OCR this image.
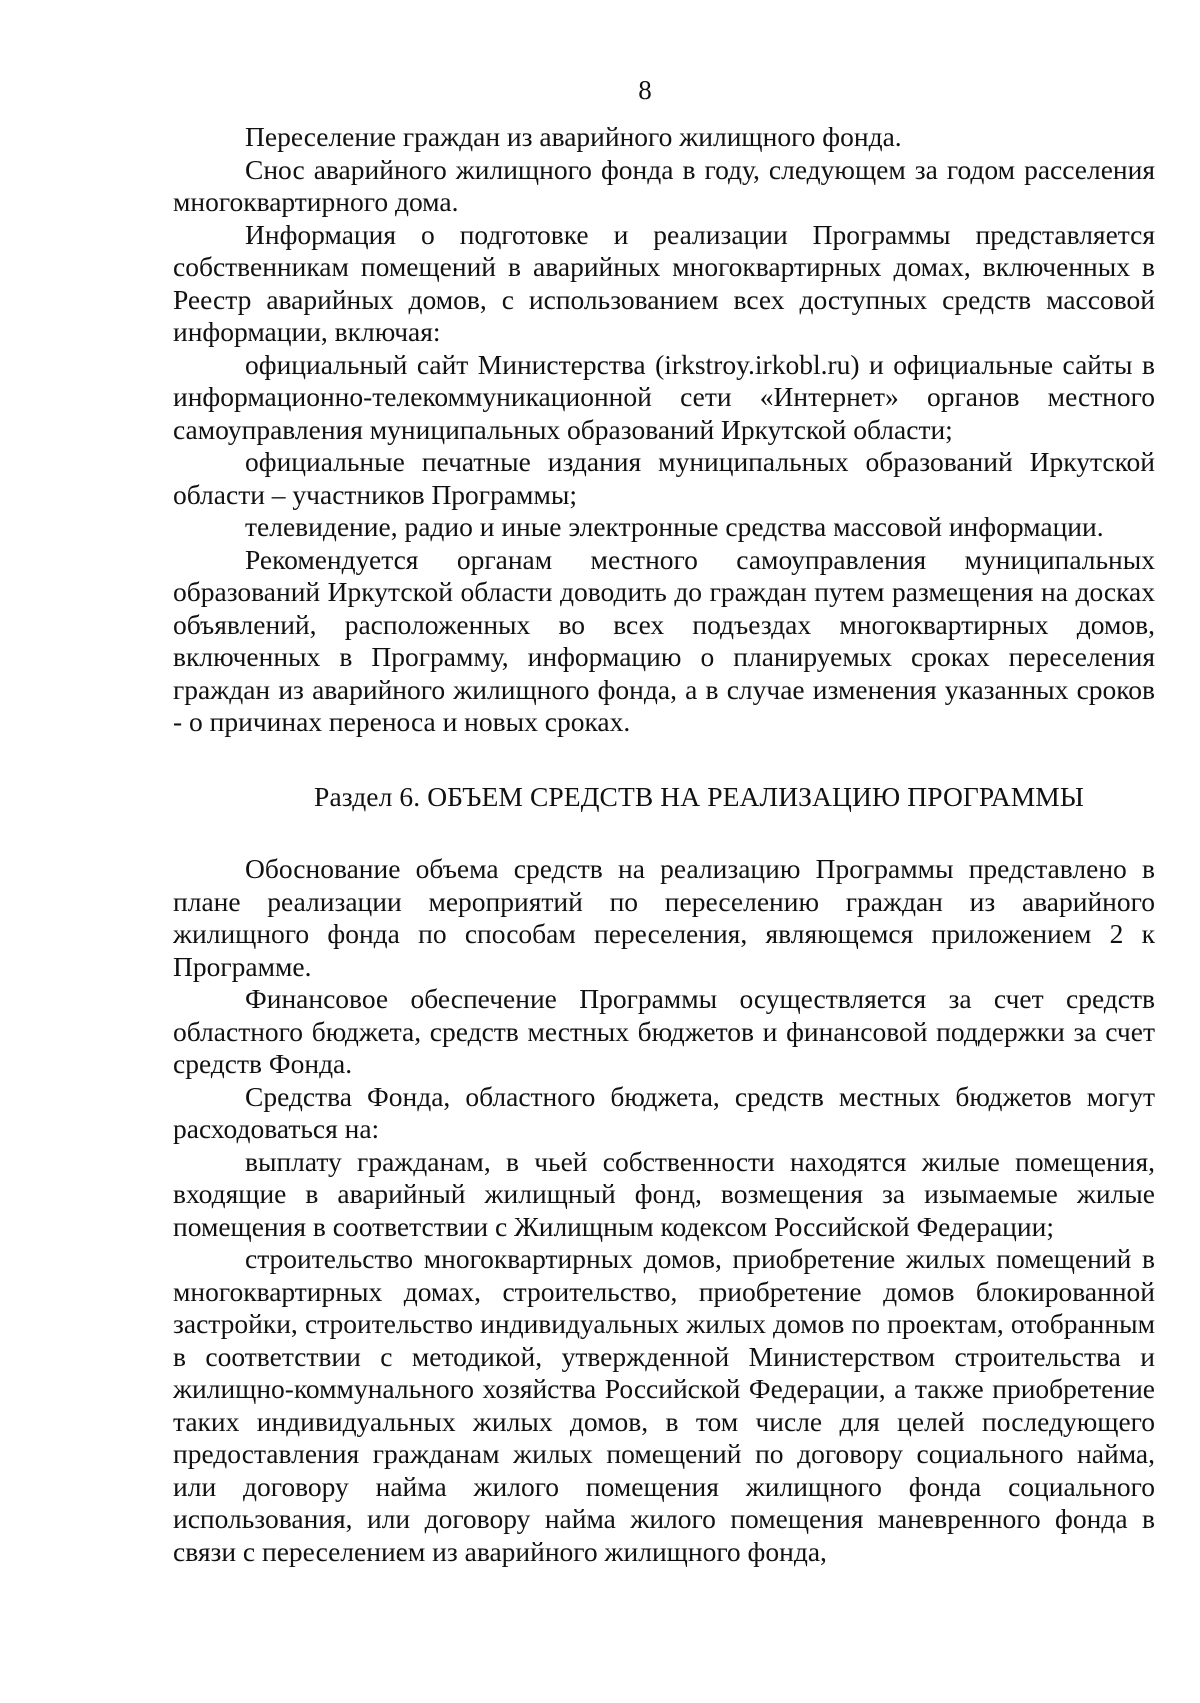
8

Переселение граждан из аварийного жилищного фонда.

Снос аварийного жилищного фонда в году, следующем за годом расселения многоквартирного дома.

Информация о подготовке и реализации Программы представляется собственникам помещений в аварийных многоквартирных домах, включенных в Реестр аварийных домов, с использованием всех доступных средств массовой информации, включая:

официальный сайт Министерства (irkstroy.irkobl.ru) и официальные сайты в информационно-телекоммуникационной сети «Интернет» органов местного самоуправления муниципальных образований Иркутской области;

официальные печатные издания муниципальных образований Иркутской области – участников Программы;

телевидение, радио и иные электронные средства массовой информации.

Рекомендуется органам местного самоуправления муниципальных образований Иркутской области доводить до граждан путем размещения на досках объявлений, расположенных во всех подъездах многоквартирных домов, включенных в Программу, информацию о планируемых сроках переселения граждан из аварийного жилищного фонда, а в случае изменения указанных сроков - о причинах переноса и новых сроках.

Раздел 6. ОБЪЕМ СРЕДСТВ НА РЕАЛИЗАЦИЮ ПРОГРАММЫ

Обоснование объема средств на реализацию Программы представлено в плане реализации мероприятий по переселению граждан из аварийного жилищного фонда по способам переселения, являющемся приложением 2 к Программе.

Финансовое обеспечение Программы осуществляется за счет средств областного бюджета, средств местных бюджетов и финансовой поддержки за счет средств Фонда.

Средства Фонда, областного бюджета, средств местных бюджетов могут расходоваться на:

выплату гражданам, в чьей собственности находятся жилые помещения, входящие в аварийный жилищный фонд, возмещения за изымаемые жилые помещения в соответствии с Жилищным кодексом Российской Федерации;

строительство многоквартирных домов, приобретение жилых помещений в многоквартирных домах, строительство, приобретение домов блокированной застройки, строительство индивидуальных жилых домов по проектам, отобранным в соответствии с методикой, утвержденной Министерством строительства и жилищно-коммунального хозяйства Российской Федерации, а также приобретение таких индивидуальных жилых домов, в том числе для целей последующего предоставления гражданам жилых помещений по договору социального найма, или договору найма жилого помещения жилищного фонда социального использования, или договору найма жилого помещения маневренного фонда в связи с переселением из аварийного жилищного фонда,
